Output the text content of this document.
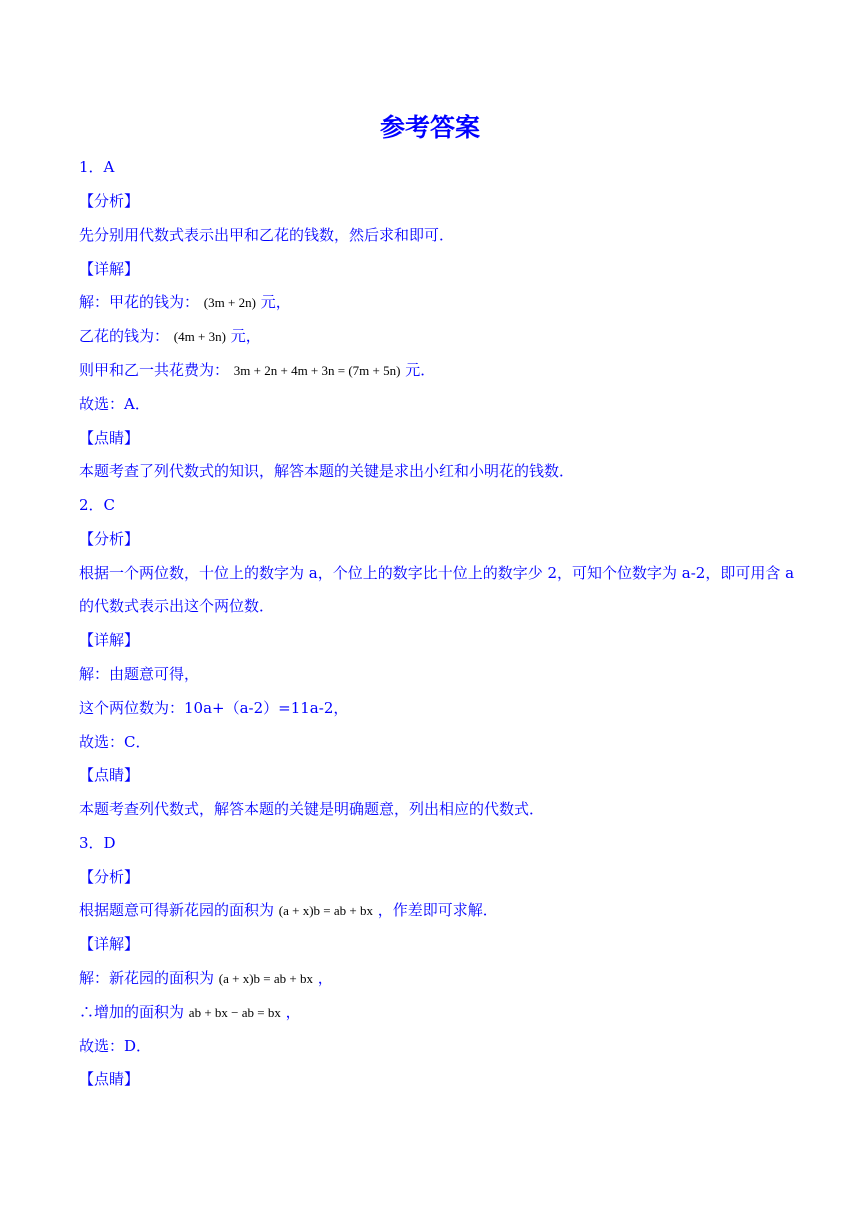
参考答案

1．A

【分析】

先分别用代数式表示出甲和乙花的钱数，然后求和即可．

【详解】

解：甲花的钱为： (3m + 2n) 元，

乙花的钱为： (4m + 3n) 元，

则甲和乙一共花费为： 3m + 2n + 4m + 3n = (7m + 5n) 元．

故选：A．

【点睛】

本题考查了列代数式的知识，解答本题的关键是求出小红和小明花的钱数．

2．C

【分析】

根据一个两位数，十位上的数字为 a，个位上的数字比十位上的数字少 2，可知个位数字为 a-2，即可用含 a

的代数式表示出这个两位数．

【详解】

解：由题意可得，

这个两位数为：10a+（a-2）=11a-2，

故选：C．

【点睛】

本题考查列代数式，解答本题的关键是明确题意，列出相应的代数式．

3．D

【分析】

根据题意可得新花园的面积为 (a + x)b = ab + bx ，作差即可求解．

【详解】

解：新花园的面积为 (a + x)b = ab + bx ，

∴增加的面积为 ab + bx − ab = bx ，

故选：D．

【点睛】
